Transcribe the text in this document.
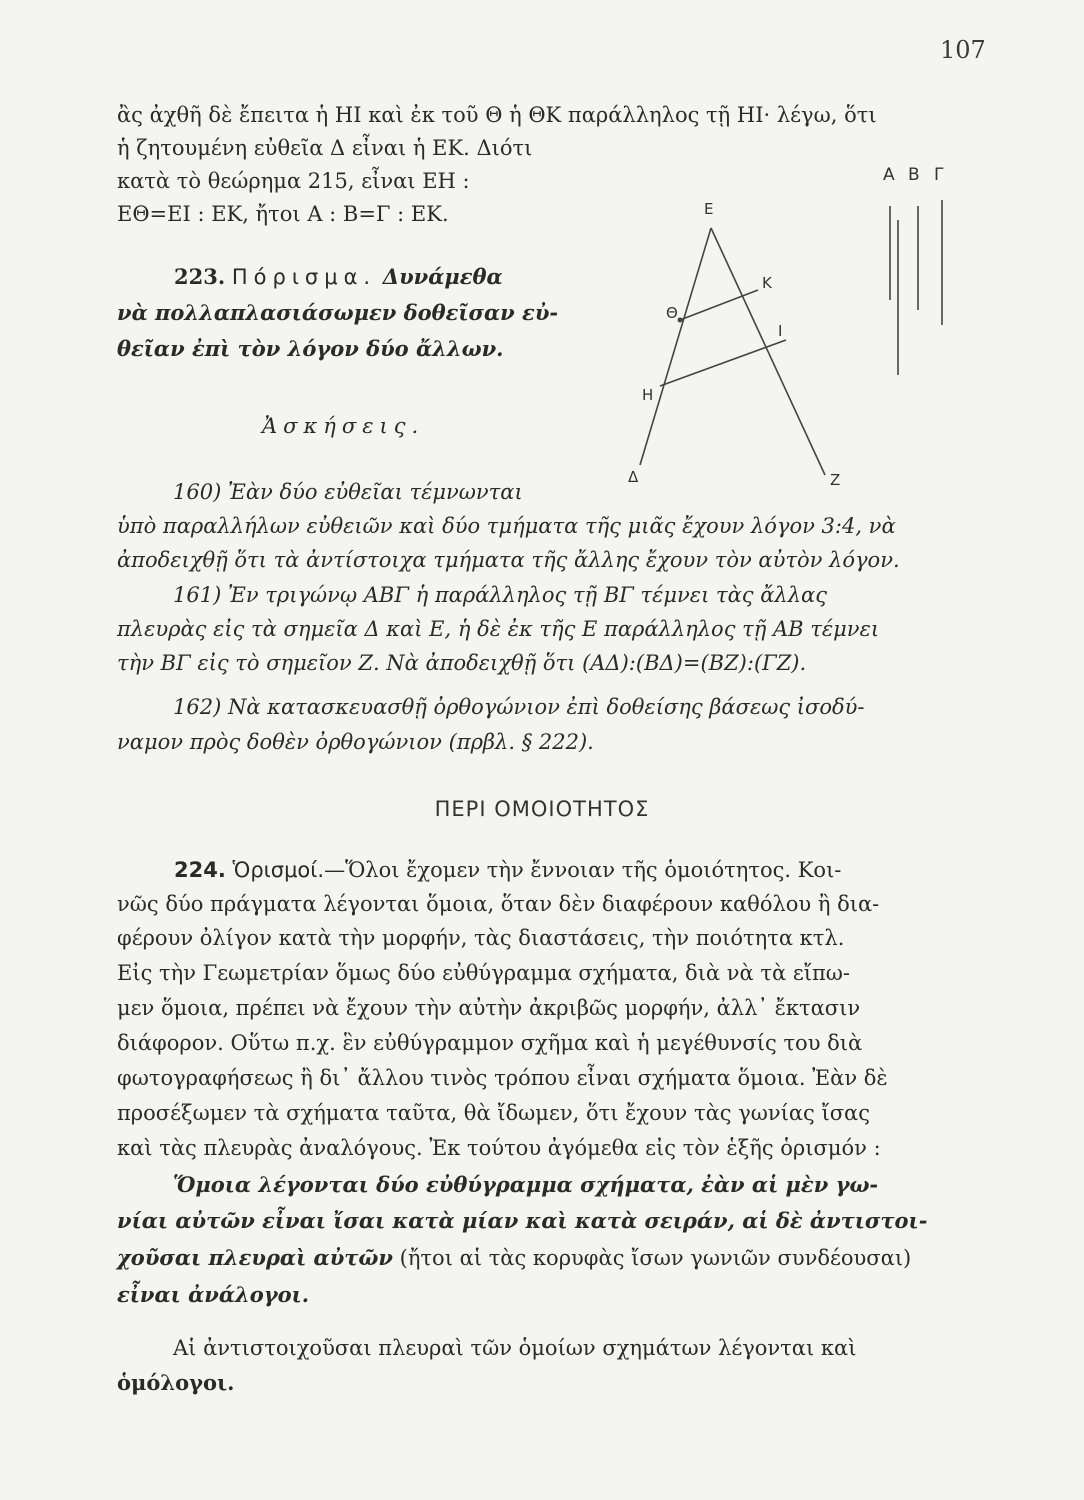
107
ἂς ἀχθῆ δὲ ἔπειτα ἡ ΗΙ καὶ ἐκ τοῦ Θ ἡ ΘΚ παράλληλος τῇ ΗΙ· λέγω, ὅτι
ἡ ζητουμένη εὐθεῖα Δ εἶναι ἡ ΕΚ. Διότι
κατὰ τὸ θεώρημα 215, εἶναι ΕΗ :
ΕΘ=ΕΙ : ΕΚ, ἤτοι Α : Β=Γ : ΕΚ.
223. Πόρισμα. Δυνάμεθα
νὰ πολλαπλασιάσωμεν δοθεῖσαν εὐ-
θεῖαν ἐπὶ τὸν λόγον δύο ἄλλων.
Ἀσκήσεις.
160) Ἐὰν δύο εὐθεῖαι τέμνωνται
ὑπὸ παραλλήλων εὐθειῶν καὶ δύο τμήματα τῆς μιᾶς ἔχουν λόγον 3:4, νὰ
ἀποδειχθῇ ὅτι τὰ ἀντίστοιχα τμήματα τῆς ἄλλης ἔχουν τὸν αὐτὸν λόγον.
161) Ἐν τριγώνῳ ΑΒΓ ἡ παράλληλος τῇ ΒΓ τέμνει τὰς ἄλλας
πλευρὰς εἰς τὰ σημεῖα Δ καὶ Ε, ἡ δὲ ἐκ τῆς Ε παράλληλος τῇ ΑΒ τέμνει
τὴν ΒΓ εἰς τὸ σημεῖον Ζ. Νὰ ἀποδειχθῇ ὅτι (ΑΔ):(ΒΔ)=(ΒΖ):(ΓΖ).
162) Νὰ κατασκευασθῇ ὀρθογώνιον ἐπὶ δοθείσης βάσεως ἰσοδύ-
ναμον πρὸς δοθὲν ὀρθογώνιον (πρβλ. § 222).
ΠΕΡΙ ΟΜΟΙΟΤΗΤΟΣ
224. Ὁρισμοί.—Ὅλοι ἔχομεν τὴν ἔννοιαν τῆς ὁμοιότητος. Κοι-
νῶς δύο πράγματα λέγονται ὅμοια, ὅταν δὲν διαφέρουν καθόλου ἢ δια-
φέρουν ὀλίγον κατὰ τὴν μορφήν, τὰς διαστάσεις, τὴν ποιότητα κτλ.
Εἰς τὴν Γεωμετρίαν ὅμως δύο εὐθύγραμμα σχήματα, διὰ νὰ τὰ εἴπω-
μεν ὅμοια, πρέπει νὰ ἔχουν τὴν αὐτὴν ἀκριβῶς μορφήν, ἀλλ᾽ ἔκτασιν
διάφορον. Οὕτω π.χ. ἓν εὐθύγραμμον σχῆμα καὶ ἡ μεγέθυνσίς του διὰ
φωτογραφήσεως ἢ δι᾽ ἄλλου τινὸς τρόπου εἶναι σχήματα ὅμοια. Ἐὰν δὲ
προσέξωμεν τὰ σχήματα ταῦτα, θὰ ἴδωμεν, ὅτι ἔχουν τὰς γωνίας ἴσας
καὶ τὰς πλευρὰς ἀναλόγους. Ἐκ τούτου ἀγόμεθα εἰς τὸν ἑξῆς ὁρισμόν :
Ὅμοια λέγονται δύο εὐθύγραμμα σχήματα, ἐὰν αἱ μὲν γω-
νίαι αὐτῶν εἶναι ἴσαι κατὰ μίαν καὶ κατὰ σειράν, αἱ δὲ ἀντιστοι-
χοῦσαι πλευραὶ αὐτῶν (ἤτοι αἱ τὰς κορυφὰς ἴσων γωνιῶν συνδέουσαι)
εἶναι ἀνάλογοι.
Αἱ ἀντιστοιχοῦσαι πλευραὶ τῶν ὁμοίων σχημάτων λέγονται καὶ
ὁμόλογοι.
Ε
Κ
Θ
Ι
Η
Δ	Ζ
Α Β Γ
